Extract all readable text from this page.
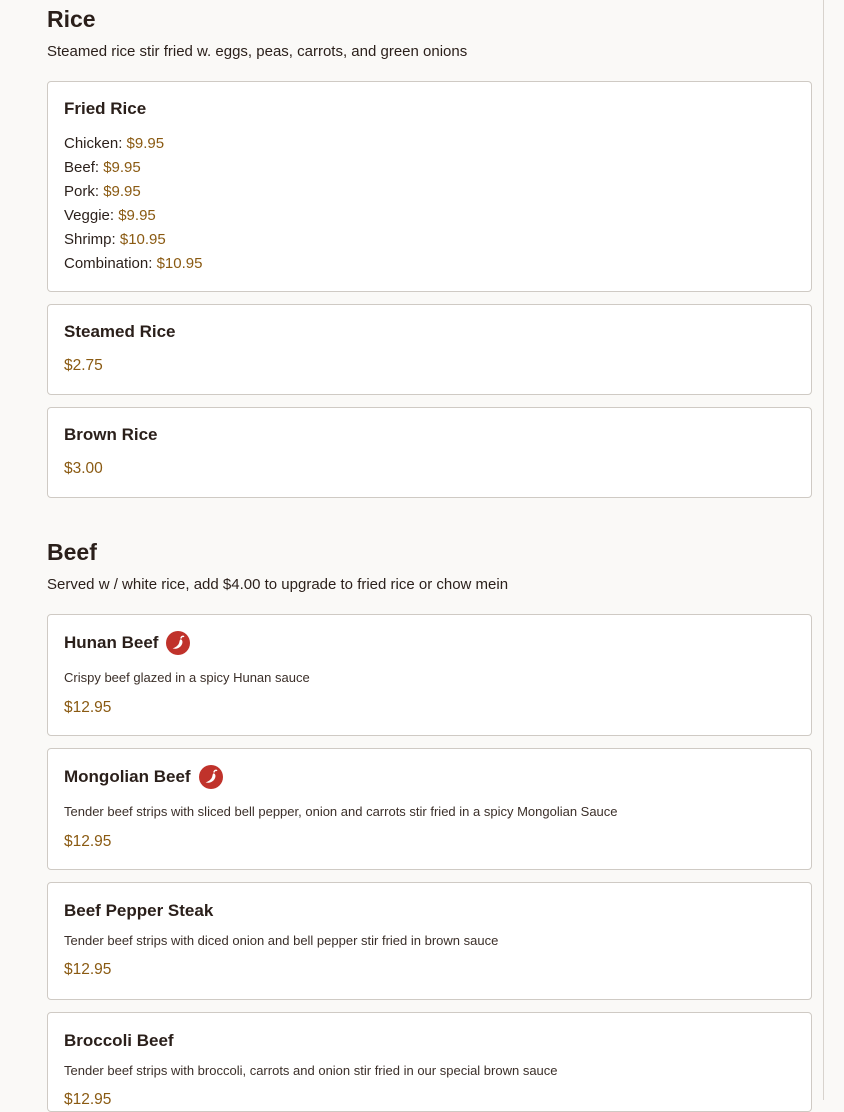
Rice

Steamed rice stir fried w. eggs, peas, carrots, and green onions

Fried Rice

Chicken: $9.95

Beef: $9.95

Pork: $9.95

Veggie: $9.95

Shrimp: $10.95

Combination: $10.95

Steamed Rice

$2.75

Brown Rice

$3.00

Beef

Served w / white rice, add $4.00 to upgrade to fried rice or chow mein

Hunan Beef

Crispy beef glazed in a spicy Hunan sauce

$12.95

Mongolian Beef

Tender beef strips with sliced bell pepper, onion and carrots stir fried in a spicy Mongolian Sauce

$12.95

Beef Pepper Steak

Tender beef strips with diced onion and bell pepper stir fried in brown sauce

$12.95

Broccoli Beef

Tender beef strips with broccoli, carrots and onion stir fried in our special brown sauce

$12.95
